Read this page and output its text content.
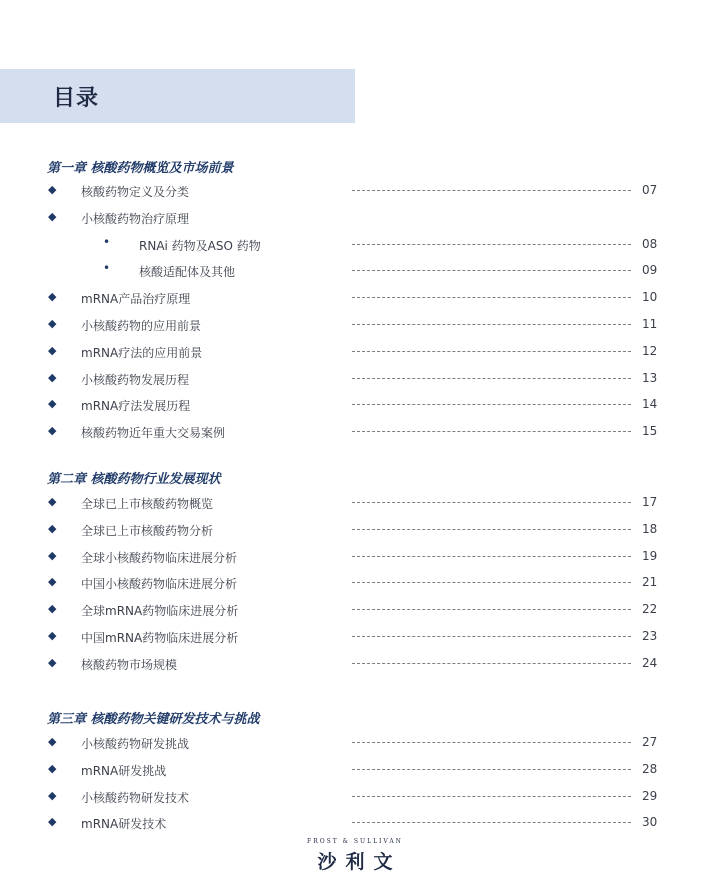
目录
第一章 核酸药物概览及市场前景
◆ 核酸药物定义及分类	07
◆ 小核酸药物治疗原理
• RNAi 药物及ASO 药物	08
• 核酸适配体及其他	09
◆ mRNA产品治疗原理	10
◆ 小核酸药物的应用前景	11
◆ mRNA疗法的应用前景	12
◆ 小核酸药物发展历程	13
◆ mRNA疗法发展历程	14
◆ 核酸药物近年重大交易案例	15
第二章 核酸药物行业发展现状
◆ 全球已上市核酸药物概览	17
◆ 全球已上市核酸药物分析	18
◆ 全球小核酸药物临床进展分析	19
◆ 中国小核酸药物临床进展分析	21
◆ 全球mRNA药物临床进展分析	22
◆ 中国mRNA药物临床进展分析	23
◆ 核酸药物市场规模	24
第三章 核酸药物关键研发技术与挑战
◆ 小核酸药物研发挑战	27
◆ mRNA研发挑战	28
◆ 小核酸药物研发技术	29
◆ mRNA研发技术	30
FROST & SULLIVAN
沙利文
